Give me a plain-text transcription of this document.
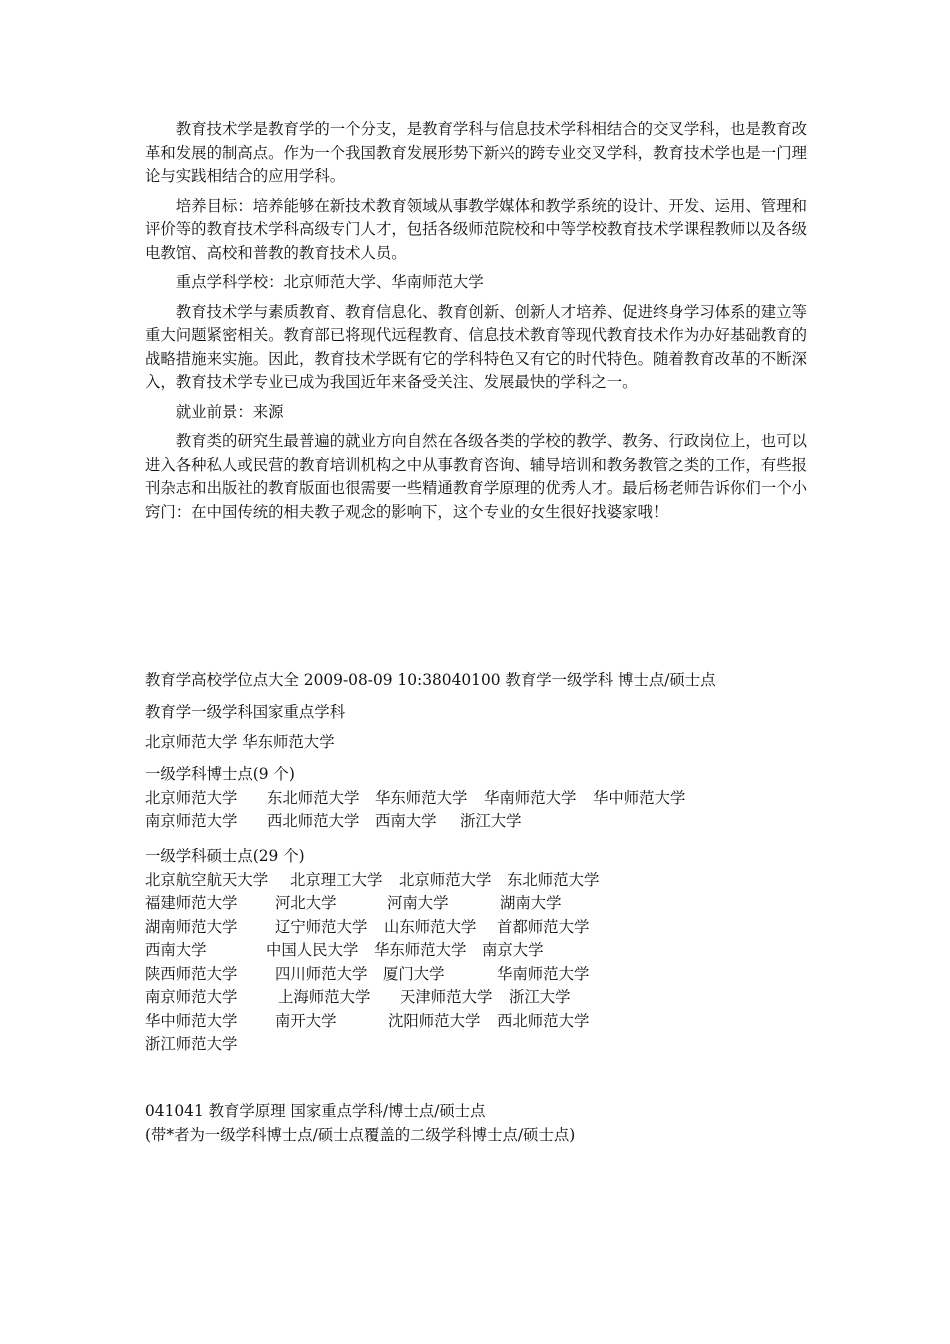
教育技术学是教育学的一个分支，是教育学科与信息技术学科相结合的交叉学科，也是教育改革和发展的制高点。作为一个我国教育发展形势下新兴的跨专业交叉学科，教育技术学也是一门理论与实践相结合的应用学科。

培养目标：培养能够在新技术教育领域从事教学媒体和教学系统的设计、开发、运用、管理和评价等的教育技术学科高级专门人才，包括各级师范院校和中等学校教育技术学课程教师以及各级电教馆、高校和普教的教育技术人员。

重点学科学校：北京师范大学、华南师范大学

教育技术学与素质教育、教育信息化、教育创新、创新人才培养、促进终身学习体系的建立等重大问题紧密相关。教育部已将现代远程教育、信息技术教育等现代教育技术作为办好基础教育的战略措施来实施。因此，教育技术学既有它的学科特色又有它的时代特色。随着教育改革的不断深入，教育技术学专业已成为我国近年来备受关注、发展最快的学科之一。

就业前景：来源

教育类的研究生最普遍的就业方向自然在各级各类的学校的教学、教务、行政岗位上，也可以进入各种私人或民营的教育培训机构之中从事教育咨询、辅导培训和教务教管之类的工作，有些报刊杂志和出版社的教育版面也很需要一些精通教育学原理的优秀人才。最后杨老师告诉你们一个小窍门：在中国传统的相夫教子观念的影响下，这个专业的女生很好找婆家哦！

教育学高校学位点大全 2009-08-09 10:38040100 教育学一级学科 博士点/硕士点

教育学一级学科国家重点学科

北京师范大学 华东师范大学

一级学科博士点(9 个)

北京师范大学	东北师范大学	华东师范大学	华南师范大学	华中师范大学
南京师范大学	西北师范大学	西南大学	浙江大学

一级学科硕士点(29 个)

北京航空航天大学	北京理工大学	北京师范大学	东北师范大学
福建师范大学	河北大学	河南大学	湖南大学
湖南师范大学	辽宁师范大学	山东师范大学	首都师范大学
西南大学	中国人民大学	华东师范大学	南京大学
陕西师范大学	四川师范大学	厦门大学	华南师范大学
南京师范大学	上海师范大学	天津师范大学	浙江大学
华中师范大学	南开大学	沈阳师范大学	西北师范大学
浙江师范大学

041041 教育学原理 国家重点学科/博士点/硕士点

(带*者为一级学科博士点/硕士点覆盖的二级学科博士点/硕士点)
